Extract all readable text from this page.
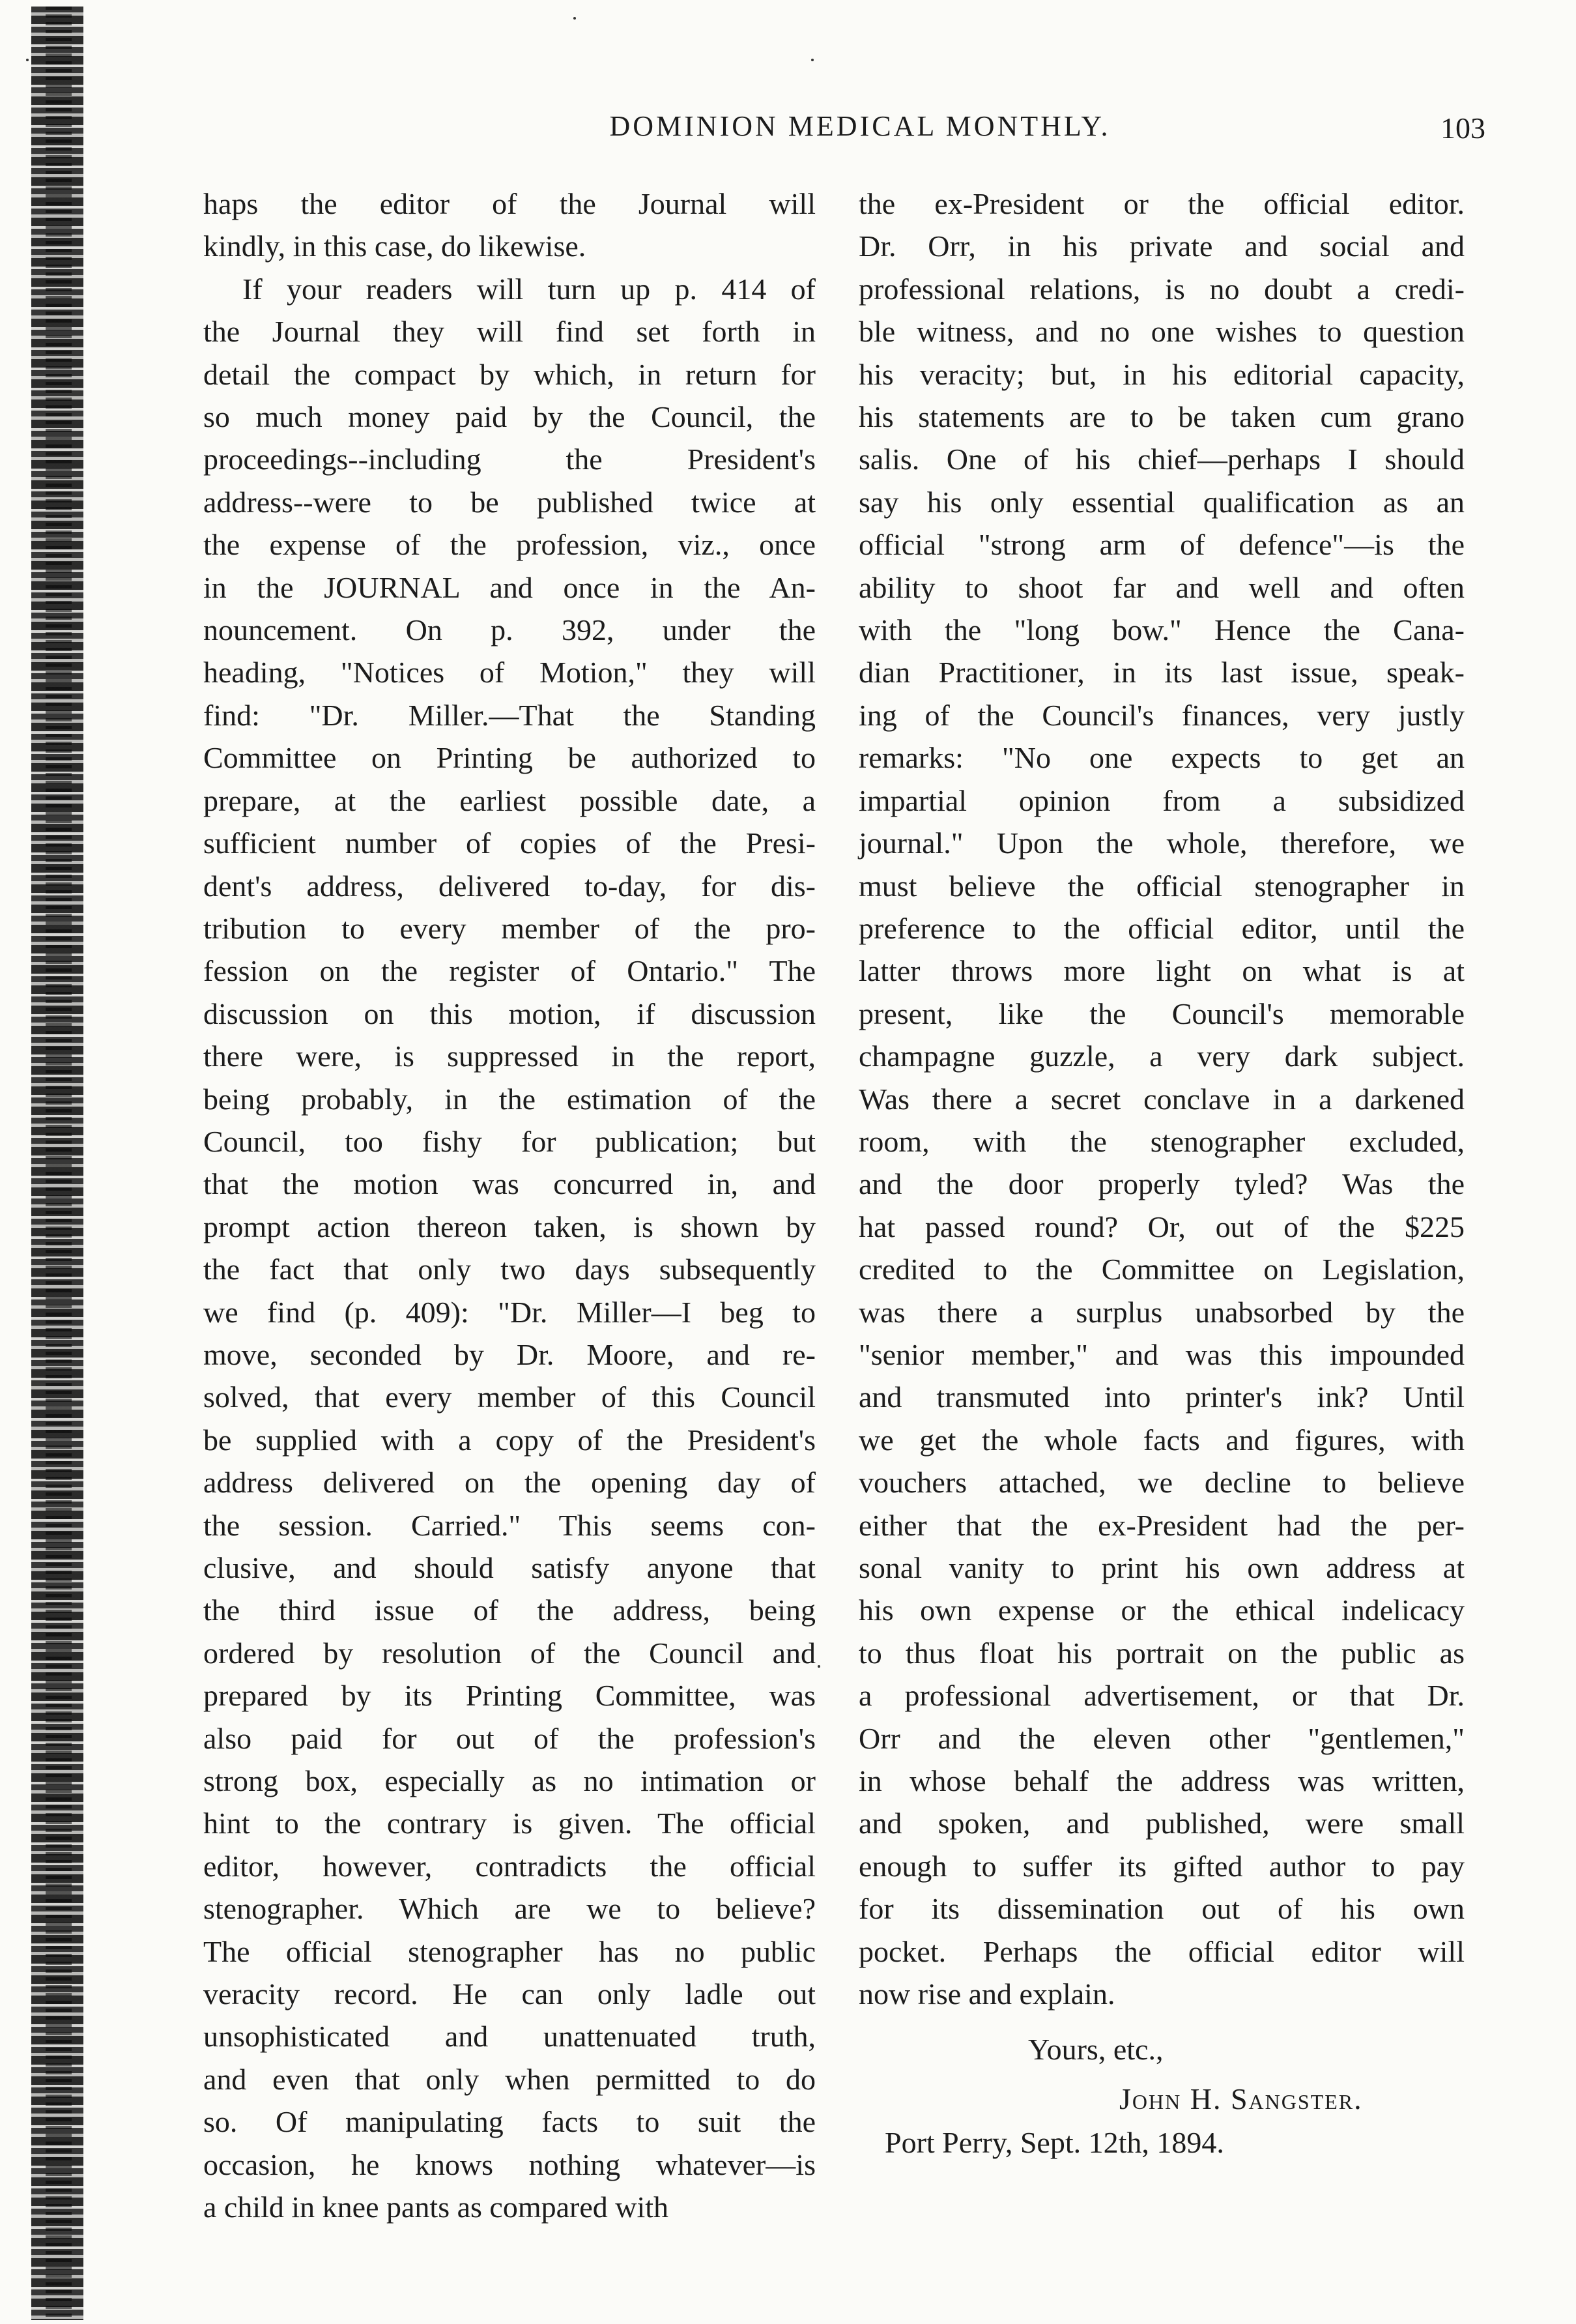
DOMINION MEDICAL MONTHLY.	103
haps the editor of the Journal will
kindly, in this case, do likewise.
If your readers will turn up p. 414 of
the Journal they will find set forth in
detail the compact by which, in return for
so much money paid by the Council, the
proceedings--including the President's
address--were to be published twice at
the expense of the profession, viz., once
in the JOURNAL and once in the An-
nouncement. On p. 392, under the
heading, "Notices of Motion," they will
find: "Dr. Miller.—That the Standing
Committee on Printing be authorized to
prepare, at the earliest possible date, a
sufficient number of copies of the Presi-
dent's address, delivered to-day, for dis-
tribution to every member of the pro-
fession on the register of Ontario." The
discussion on this motion, if discussion
there were, is suppressed in the report,
being probably, in the estimation of the
Council, too fishy for publication; but
that the motion was concurred in, and
prompt action thereon taken, is shown by
the fact that only two days subsequently
we find (p. 409): "Dr. Miller—I beg to
move, seconded by Dr. Moore, and re-
solved, that every member of this Council
be supplied with a copy of the President's
address delivered on the opening day of
the session. Carried." This seems con-
clusive, and should satisfy anyone that
the third issue of the address, being
ordered by resolution of the Council and
prepared by its Printing Committee, was
also paid for out of the profession's
strong box, especially as no intimation or
hint to the contrary is given. The official
editor, however, contradicts the official
stenographer. Which are we to believe?
The official stenographer has no public
veracity record. He can only ladle out
unsophisticated and unattenuated truth,
and even that only when permitted to do
so. Of manipulating facts to suit the
occasion, he knows nothing whatever—is
a child in knee pants as compared with
the ex-President or the official editor.
Dr. Orr, in his private and social and
professional relations, is no doubt a credi-
ble witness, and no one wishes to question
his veracity; but, in his editorial capacity,
his statements are to be taken cum grano
salis. One of his chief—perhaps I should
say his only essential qualification as an
official "strong arm of defence"—is the
ability to shoot far and well and often
with the "long bow." Hence the Cana-
dian Practitioner, in its last issue, speak-
ing of the Council's finances, very justly
remarks: "No one expects to get an
impartial opinion from a subsidized
journal." Upon the whole, therefore, we
must believe the official stenographer in
preference to the official editor, until the
latter throws more light on what is at
present, like the Council's memorable
champagne guzzle, a very dark subject.
Was there a secret conclave in a darkened
room, with the stenographer excluded,
and the door properly tyled? Was the
hat passed round? Or, out of the $225
credited to the Committee on Legislation,
was there a surplus unabsorbed by the
"senior member," and was this impounded
and transmuted into printer's ink? Until
we get the whole facts and figures, with
vouchers attached, we decline to believe
either that the ex-President had the per-
sonal vanity to print his own address at
his own expense or the ethical indelicacy
to thus float his portrait on the public as
a professional advertisement, or that Dr.
Orr and the eleven other "gentlemen,"
in whose behalf the address was written,
and spoken, and published, were small
enough to suffer its gifted author to pay
for its dissemination out of his own
pocket. Perhaps the official editor will
now rise and explain.
Yours, etc.,
John H. Sangster.
Port Perry, Sept. 12th, 1894.
